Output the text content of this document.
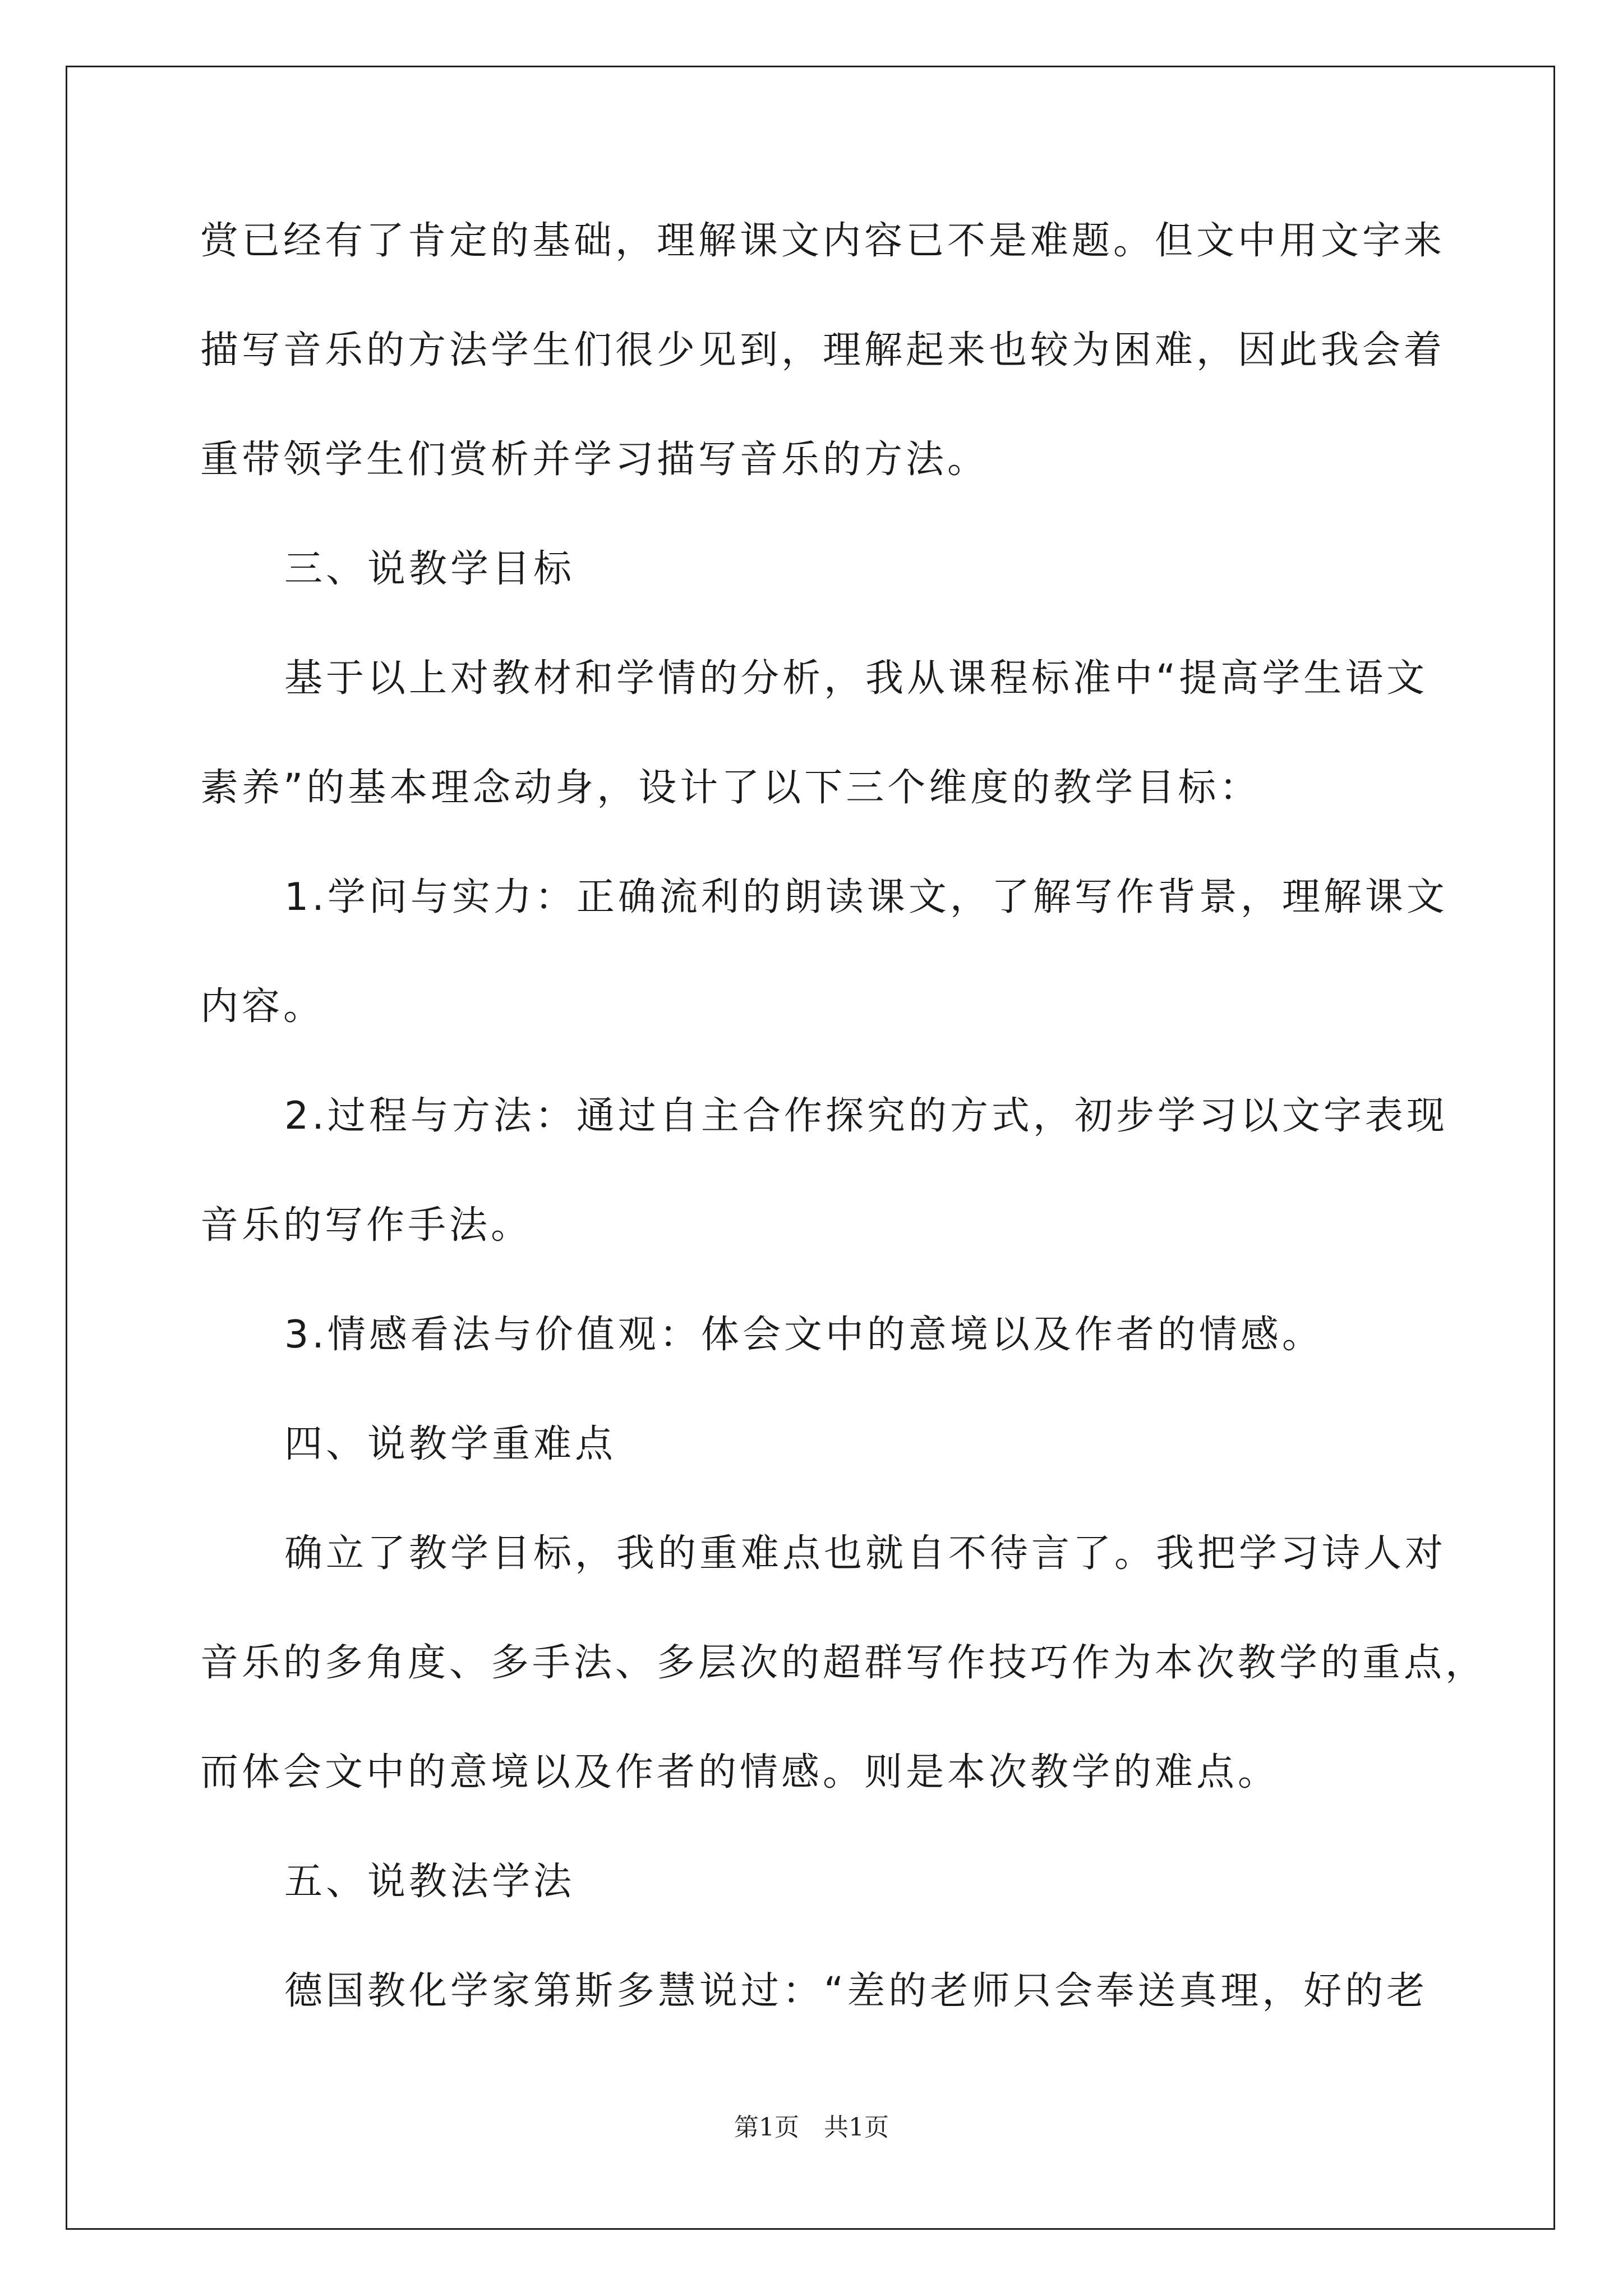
赏已经有了肯定的基础，理解课文内容已不是难题。但文中用文字来
描写音乐的方法学生们很少见到，理解起来也较为困难，因此我会着
重带领学生们赏析并学习描写音乐的方法。
三、说教学目标
基于以上对教材和学情的分析，我从课程标准中“提高学生语文
素养”的基本理念动身，设计了以下三个维度的教学目标：
1.学问与实力：正确流利的朗读课文，了解写作背景，理解课文
内容。
2.过程与方法：通过自主合作探究的方式，初步学习以文字表现
音乐的写作手法。
3.情感看法与价值观：体会文中的意境以及作者的情感。
四、说教学重难点
确立了教学目标，我的重难点也就自不待言了。我把学习诗人对
音乐的多角度、多手法、多层次的超群写作技巧作为本次教学的重点，
而体会文中的意境以及作者的情感。则是本次教学的难点。
五、说教法学法
德国教化学家第斯多慧说过：“差的老师只会奉送真理，好的老
第1页　共1页
